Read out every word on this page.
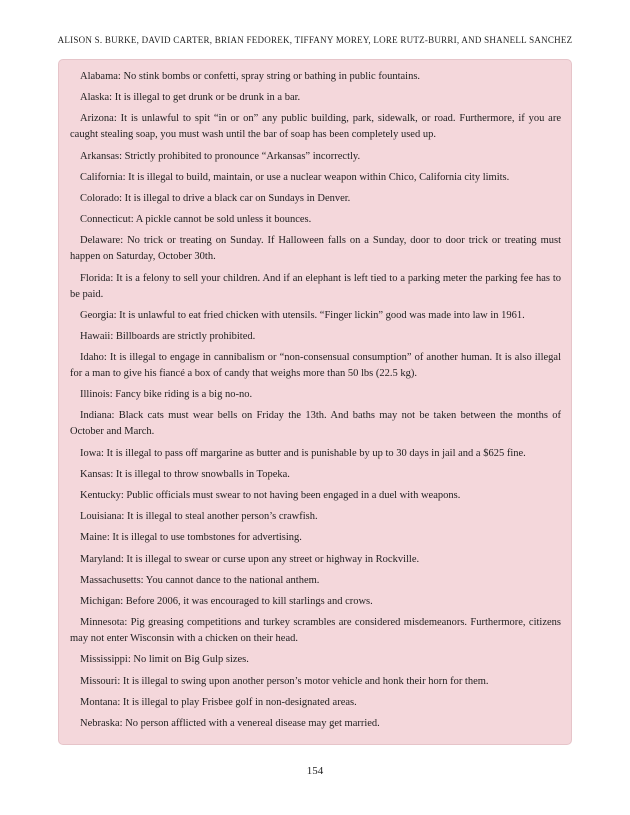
ALISON S. BURKE, DAVID CARTER, BRIAN FEDOREK, TIFFANY MOREY, LORE RUTZ-BURRI, AND SHANELL SANCHEZ

Alabama: No stink bombs or confetti, spray string or bathing in public fountains.

Alaska: It is illegal to get drunk or be drunk in a bar.

Arizona: It is unlawful to spit “in or on” any public building, park, sidewalk, or road. Furthermore, if you are caught stealing soap, you must wash until the bar of soap has been completely used up.

Arkansas: Strictly prohibited to pronounce “Arkansas” incorrectly.

California: It is illegal to build, maintain, or use a nuclear weapon within Chico, California city limits.

Colorado: It is illegal to drive a black car on Sundays in Denver.

Connecticut: A pickle cannot be sold unless it bounces.

Delaware: No trick or treating on Sunday. If Halloween falls on a Sunday, door to door trick or treating must happen on Saturday, October 30th.

Florida: It is a felony to sell your children. And if an elephant is left tied to a parking meter the parking fee has to be paid.

Georgia: It is unlawful to eat fried chicken with utensils. “Finger lickin” good was made into law in 1961.

Hawaii: Billboards are strictly prohibited.

Idaho: It is illegal to engage in cannibalism or “non-consensual consumption” of another human. It is also illegal for a man to give his fiancé a box of candy that weighs more than 50 lbs (22.5 kg).

Illinois: Fancy bike riding is a big no-no.

Indiana: Black cats must wear bells on Friday the 13th. And baths may not be taken between the months of October and March.

Iowa: It is illegal to pass off margarine as butter and is punishable by up to 30 days in jail and a $625 fine.

Kansas: It is illegal to throw snowballs in Topeka.

Kentucky: Public officials must swear to not having been engaged in a duel with weapons.

Louisiana: It is illegal to steal another person’s crawfish.

Maine: It is illegal to use tombstones for advertising.

Maryland: It is illegal to swear or curse upon any street or highway in Rockville.

Massachusetts: You cannot dance to the national anthem.

Michigan: Before 2006, it was encouraged to kill starlings and crows.

Minnesota: Pig greasing competitions and turkey scrambles are considered misdemeanors. Furthermore, citizens may not enter Wisconsin with a chicken on their head.

Mississippi: No limit on Big Gulp sizes.

Missouri: It is illegal to swing upon another person’s motor vehicle and honk their horn for them.

Montana: It is illegal to play Frisbee golf in non-designated areas.

Nebraska: No person afflicted with a venereal disease may get married.

154
